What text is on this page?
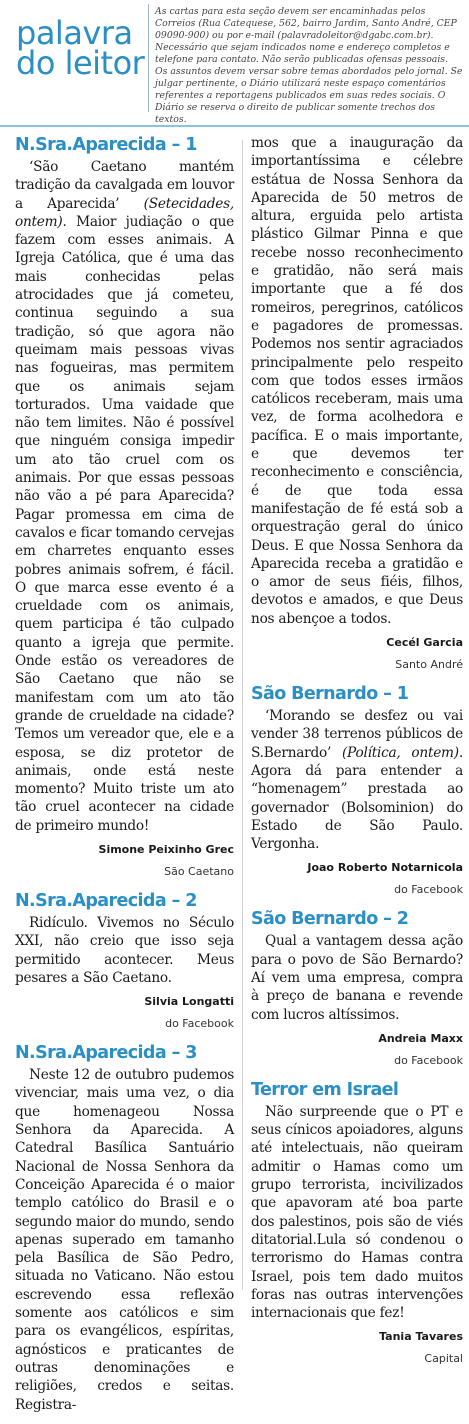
palavra
do leitor

As cartas para esta seção devem ser encaminhadas pelos Correios (Rua Catequese, 562, bairro Jardim, Santo André, CEP 09090-900) ou por e-mail (palavradoleitor@dgabc.com.br). Necessário que sejam indicados nome e endereço completos e telefone para contato. Não serão publicadas ofensas pessoais. Os assuntos devem versar sobre temas abordados pelo jornal. Se julgar pertinente, o Diário utilizará neste espaço comentários referentes a reportagens publicados em suas redes sociais. O Diário se reserva o direito de publicar somente trechos dos textos.

N.Sra.Aparecida – 1

‘São Caetano mantém tradição da cavalgada em louvor a Aparecida’ (Setecidades, ontem). Maior judiação o que fazem com esses animais. A Igreja Católica, que é uma das mais conhecidas pelas atrocidades que já cometeu, continua seguindo a sua tradição, só que agora não queimam mais pessoas vivas nas fogueiras, mas permitem que os animais sejam torturados. Uma vaidade que não tem limites. Não é possível que ninguém consiga impedir um ato tão cruel com os animais. Por que essas pessoas não vão a pé para Aparecida? Pagar promessa em cima de cavalos e ficar tomando cervejas em charretes enquanto esses pobres animais sofrem, é fácil. O que marca esse evento é a crueldade com os animais, quem participa é tão culpado quanto a igreja que permite. Onde estão os vereadores de São Caetano que não se manifestam com um ato tão grande de crueldade na cidade? Temos um vereador que, ele e a esposa, se diz protetor de animais, onde está neste momento? Muito triste um ato tão cruel acontecer na cidade de primeiro mundo!

Simone Peixinho Grec
São Caetano
N.Sra.Aparecida – 2

Ridículo. Vivemos no Século XXI, não creio que isso seja permitido acontecer. Meus pesares a São Caetano.

Silvia Longatti
do Facebook
N.Sra.Aparecida – 3

Neste 12 de outubro pudemos vivenciar, mais uma vez, o dia que homenageou Nossa Senhora da Aparecida. A Catedral Basílica Santuário Nacional de Nossa Senhora da Conceição Aparecida é o maior templo católico do Brasil e o segundo maior do mundo, sendo apenas superado em tamanho pela Basílica de São Pedro, situada no Vaticano. Não estou escrevendo essa reflexão somente aos católicos e sim para os evangélicos, espíritas, agnósticos e praticantes de outras denominações e religiões, credos e seitas. Registra-

mos que a inauguração da importantíssima e célebre estátua de Nossa Senhora da Aparecida de 50 metros de altura, erguida pelo artista plástico Gilmar Pinna e que recebe nosso reconhecimento e gratidão, não será mais importante que a fé dos romeiros, peregrinos, católicos e pagadores de promessas. Podemos nos sentir agraciados principalmente pelo respeito com que todos esses irmãos católicos receberam, mais uma vez, de forma acolhedora e pacífica. E o mais importante, e que devemos ter reconhecimento e consciência, é de que toda essa manifestação de fé está sob a orquestração geral do único Deus. E que Nossa Senhora da Aparecida receba a gratidão e o amor de seus fiéis, filhos, devotos e amados, e que Deus nos abençoe a todos.

Cecél Garcia
Santo André
São Bernardo – 1

‘Morando se desfez ou vai vender 38 terrenos públicos de S.Bernardo’ (Política, ontem). Agora dá para entender a “homenagem” prestada ao governador (Bolsominion) do Estado de São Paulo. Vergonha.

Joao Roberto Notarnicola
do Facebook
São Bernardo – 2

Qual a vantagem dessa ação para o povo de São Bernardo? Aí vem uma empresa, compra à preço de banana e revende com lucros altíssimos.

Andreia Maxx
do Facebook
Terror em Israel

Não surpreende que o PT e seus cínicos apoiadores, alguns até intelectuais, não queiram admitir o Hamas como um grupo terrorista, incivilizados que apavoram até boa parte dos palestinos, pois são de viés ditatorial.Lula só condenou o terrorismo do Hamas contra Israel, pois tem dado muitos foras nas outras intervenções internacionais que fez!

Tania Tavares
Capital
